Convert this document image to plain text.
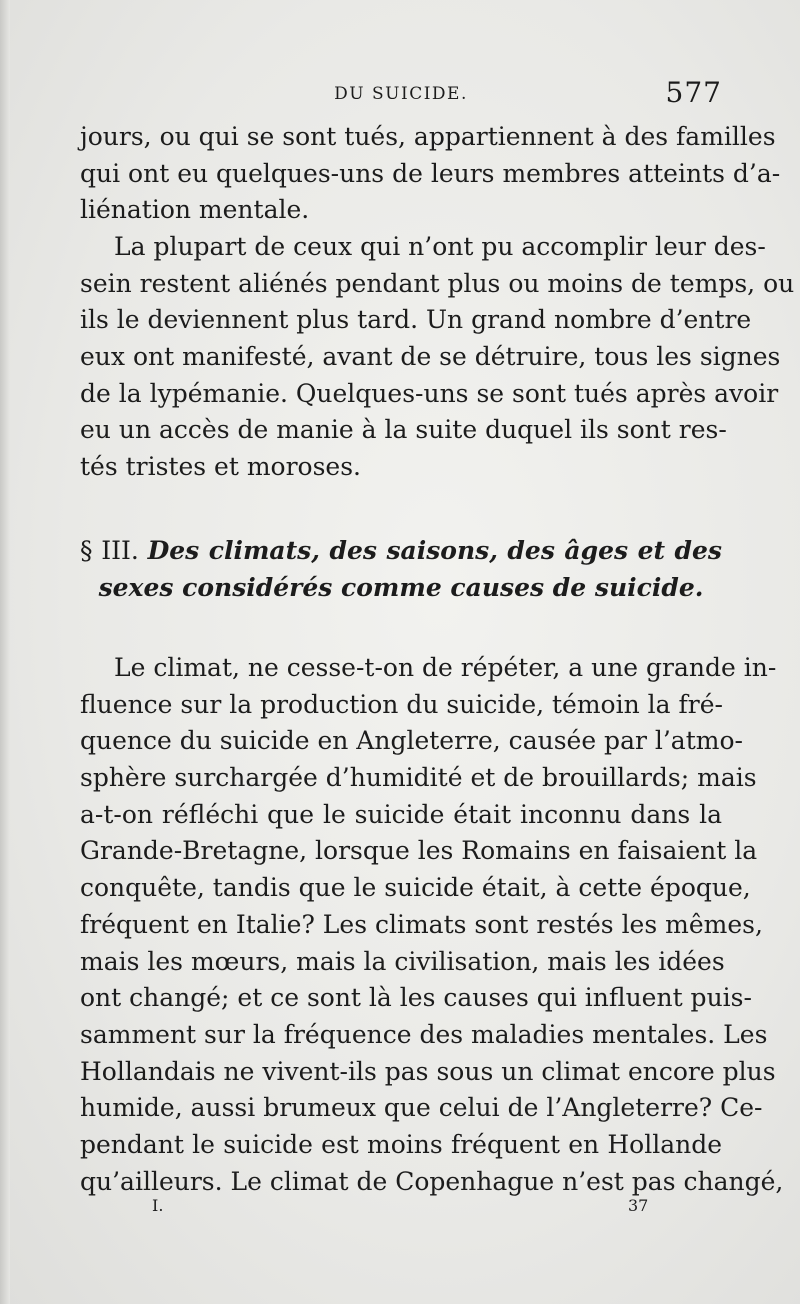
DU SUICIDE.	577
jours, ou qui se sont tués, appartiennent à des familles
qui ont eu quelques-uns de leurs membres atteints d’a-
liénation mentale.
La plupart de ceux qui n’ont pu accomplir leur des-
sein restent aliénés pendant plus ou moins de temps, ou
ils le deviennent plus tard. Un grand nombre d’entre
eux ont manifesté, avant de se détruire, tous les signes
de la lypémanie. Quelques-uns se sont tués après avoir
eu un accès de manie à la suite duquel ils sont res-
tés tristes et moroses.
§ III. Des climats, des saisons, des âges et des
sexes considérés comme causes de suicide.
Le climat, ne cesse-t-on de répéter, a une grande in-
fluence sur la production du suicide, témoin la fré-
quence du suicide en Angleterre, causée par l’atmo-
sphère surchargée d’humidité et de brouillards; mais
a-t-on réfléchi que le suicide était inconnu dans la
Grande-Bretagne, lorsque les Romains en faisaient la
conquête, tandis que le suicide était, à cette époque,
fréquent en Italie? Les climats sont restés les mêmes,
mais les mœurs, mais la civilisation, mais les idées
ont changé; et ce sont là les causes qui influent puis-
samment sur la fréquence des maladies mentales. Les
Hollandais ne vivent-ils pas sous un climat encore plus
humide, aussi brumeux que celui de l’Angleterre? Ce-
pendant le suicide est moins fréquent en Hollande
qu’ailleurs. Le climat de Copenhague n’est pas changé,
I.	37
